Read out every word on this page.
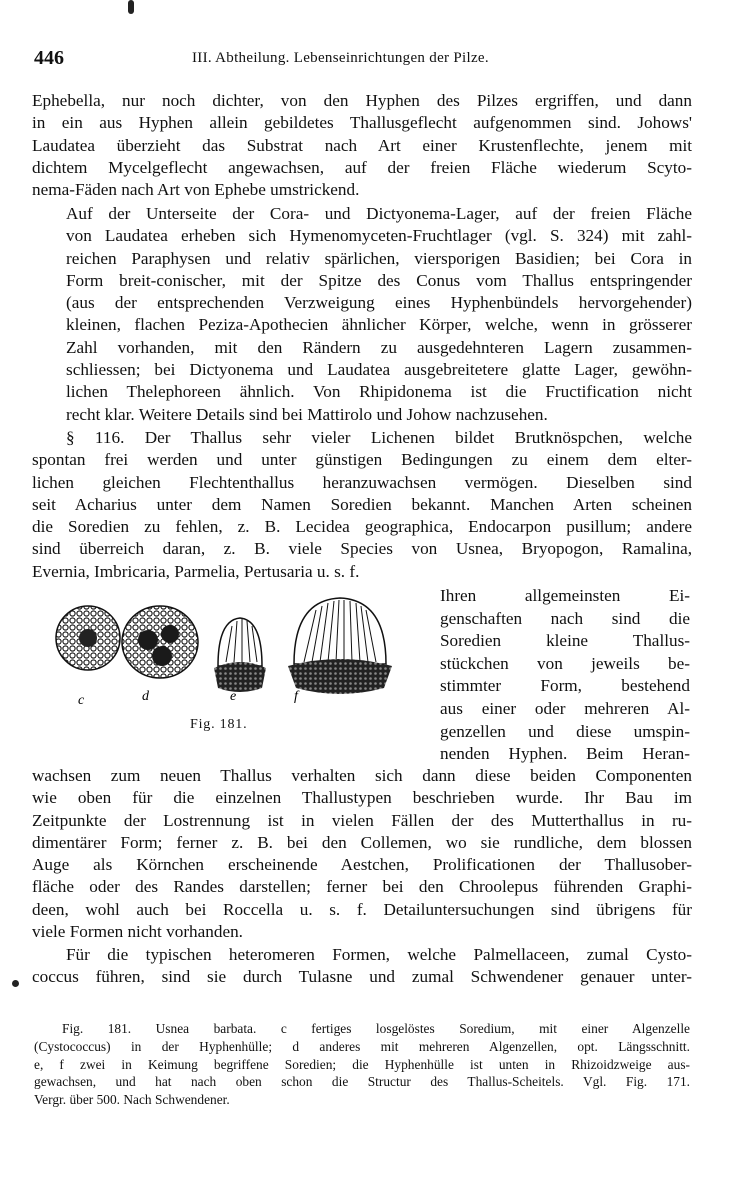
446	III. Abtheilung. Lebenseinrichtungen der Pilze.
Ephebella, nur noch dichter, von den Hyphen des Pilzes ergriffen, und dann
in ein aus Hyphen allein gebildetes Thallusgeflecht aufgenommen sind. Johows'
Laudatea überzieht das Substrat nach Art einer Krustenflechte, jenem mit
dichtem Mycelgeflecht angewachsen, auf der freien Fläche wiederum Scyto-
nema-Fäden nach Art von Ephebe umstrickend.
Auf der Unterseite der Cora- und Dictyonema-Lager, auf der freien Fläche
von Laudatea erheben sich Hymenomyceten-Fruchtlager (vgl. S. 324) mit zahl-
reichen Paraphysen und relativ spärlichen, viersporigen Basidien; bei Cora in
Form breit-conischer, mit der Spitze des Conus vom Thallus entspringender
(aus der entsprechenden Verzweigung eines Hyphenbündels hervorgehender)
kleinen, flachen Peziza-Apothecien ähnlicher Körper, welche, wenn in grösserer
Zahl vorhanden, mit den Rändern zu ausgedehnteren Lagern zusammen-
schliessen; bei Dictyonema und Laudatea ausgebreitetere glatte Lager, gewöhn-
lichen Thelephoreen ähnlich. Von Rhipidonema ist die Fructification nicht
recht klar. Weitere Details sind bei Mattirolo und Johow nachzusehen.
§ 116. Der Thallus sehr vieler Lichenen bildet Brutknöspchen, welche
spontan frei werden und unter günstigen Bedingungen zu einem dem elter-
lichen gleichen Flechtenthallus heranzuwachsen vermögen. Dieselben sind
seit Acharius unter dem Namen Soredien bekannt. Manchen Arten scheinen
die Soredien zu fehlen, z. B. Lecidea geographica, Endocarpon pusillum; andere
sind überreich daran, z. B. viele Species von Usnea, Bryopogon, Ramalina,
Evernia, Imbricaria, Parmelia, Pertusaria u. s. f.
c	d	e	f
Fig. 181.
Ihren allgemeinsten Ei-
genschaften nach sind die
Soredien kleine Thallus-
stückchen von jeweils be-
stimmter Form, bestehend
aus einer oder mehreren Al-
genzellen und diese umspin-
nenden Hyphen. Beim Heran-
wachsen zum neuen Thallus verhalten sich dann diese beiden Componenten
wie oben für die einzelnen Thallustypen beschrieben wurde. Ihr Bau im
Zeitpunkte der Lostrennung ist in vielen Fällen der des Mutterthallus in ru-
dimentärer Form; ferner z. B. bei den Collemen, wo sie rundliche, dem blossen
Auge als Körnchen erscheinende Aestchen, Prolificationen der Thallusober-
fläche oder des Randes darstellen; ferner bei den Chroolepus führenden Graphi-
deen, wohl auch bei Roccella u. s. f. Detailuntersuchungen sind übrigens für
viele Formen nicht vorhanden.
Für die typischen heteromeren Formen, welche Palmellaceen, zumal Cysto-
coccus führen, sind sie durch Tulasne und zumal Schwendener genauer unter-
Fig. 181. Usnea barbata. c fertiges losgelöstes Soredium, mit einer Algenzelle
(Cystococcus) in der Hyphenhülle; d anderes mit mehreren Algenzellen, opt. Längsschnitt.
e, f zwei in Keimung begriffene Soredien; die Hyphenhülle ist unten in Rhizoidzweige aus-
gewachsen, und hat nach oben schon die Structur des Thallus-Scheitels. Vgl. Fig. 171.
Vergr. über 500. Nach Schwendener.
